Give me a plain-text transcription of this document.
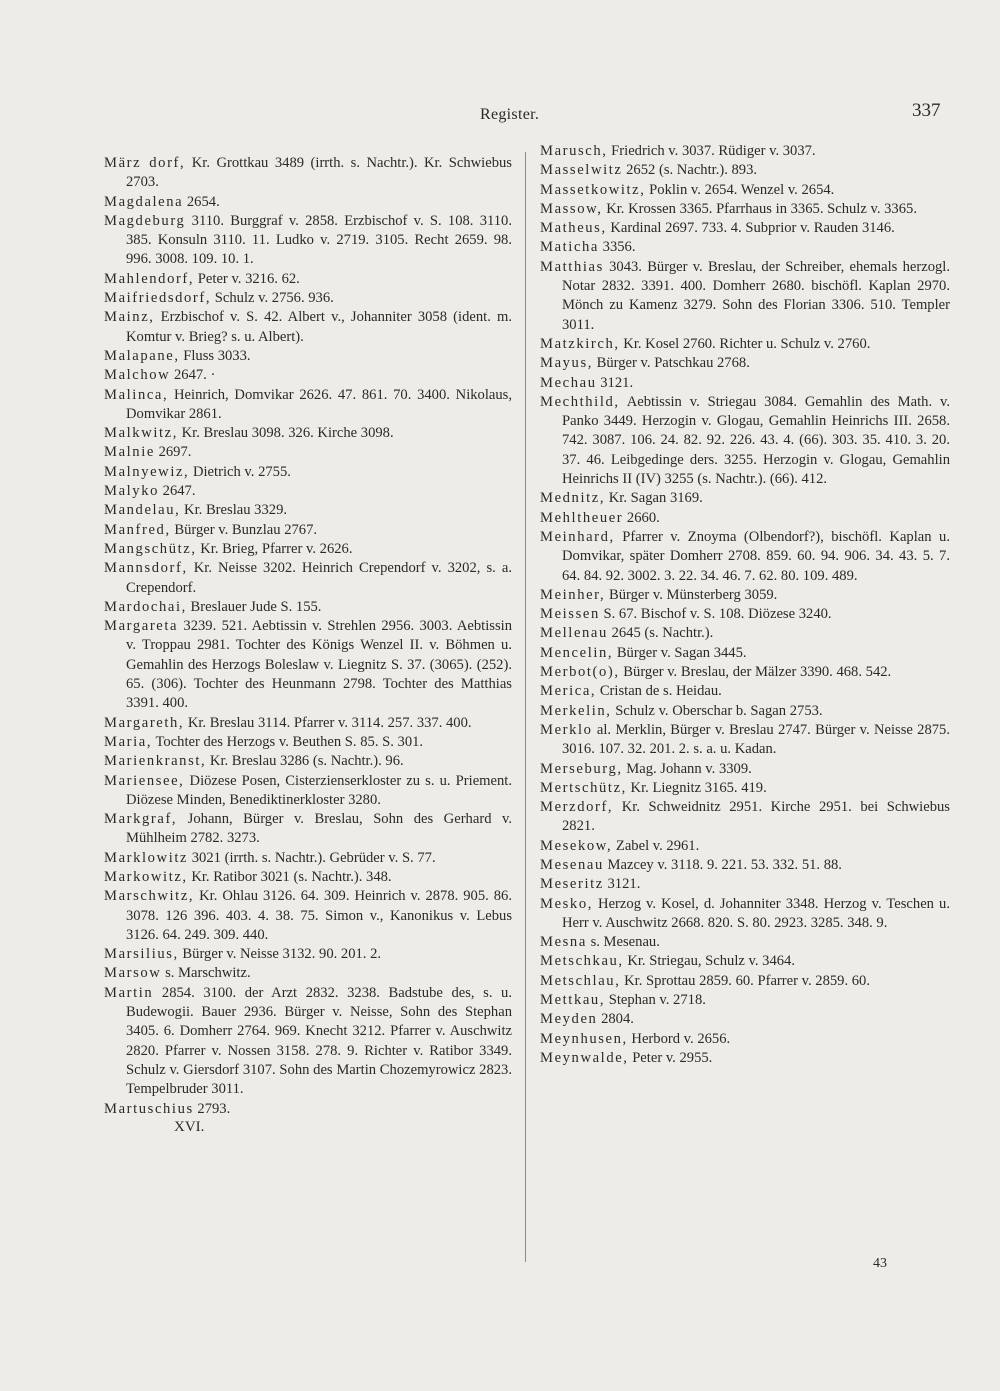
Register.	337

März dorf, Kr. Grottkau 3489 (irrth. s. Nachtr.). Kr. Schwiebus 2703.

Magdalena 2654.

Magdeburg 3110. Burggraf v. 2858. Erzbischof v. S. 108. 3110. 385. Konsuln 3110. 11. Ludko v. 2719. 3105. Recht 2659. 98. 996. 3008. 109. 10. 1.

Mahlendorf, Peter v. 3216. 62.

Maifriedsdorf, Schulz v. 2756. 936.

Mainz, Erzbischof v. S. 42. Albert v., Johanniter 3058 (ident. m. Komtur v. Brieg? s. u. Albert).

Malapane, Fluss 3033.

Malchow 2647. ·

Malinca, Heinrich, Domvikar 2626. 47. 861. 70. 3400. Nikolaus, Domvikar 2861.

Malkwitz, Kr. Breslau 3098. 326. Kirche 3098.

Malnie 2697.

Malnyewiz, Dietrich v. 2755.

Malyko 2647.

Mandelau, Kr. Breslau 3329.

Manfred, Bürger v. Bunzlau 2767.

Mangschütz, Kr. Brieg, Pfarrer v. 2626.

Mannsdorf, Kr. Neisse 3202. Heinrich Crependorf v. 3202, s. a. Crependorf.

Mardochai, Breslauer Jude S. 155.

Margareta 3239. 521. Aebtissin v. Strehlen 2956. 3003. Aebtissin v. Troppau 2981. Tochter des Königs Wenzel II. v. Böhmen u. Gemahlin des Herzogs Boleslaw v. Liegnitz S. 37. (3065). (252). 65. (306). Tochter des Heunmann 2798. Tochter des Matthias 3391. 400.

Margareth, Kr. Breslau 3114. Pfarrer v. 3114. 257. 337. 400.

Maria, Tochter des Herzogs v. Beuthen S. 85. S. 301.

Marienkranst, Kr. Breslau 3286 (s. Nachtr.). 96.

Mariensee, Diözese Posen, Cisterzienserkloster zu s. u. Priement. Diözese Minden, Benediktinerkloster 3280.

Markgraf, Johann, Bürger v. Breslau, Sohn des Gerhard v. Mühlheim 2782. 3273.

Marklowitz 3021 (irrth. s. Nachtr.). Gebrüder v. S. 77.

Markowitz, Kr. Ratibor 3021 (s. Nachtr.). 348.

Marschwitz, Kr. Ohlau 3126. 64. 309. Heinrich v. 2878. 905. 86. 3078. 126 396. 403. 4. 38. 75. Simon v., Kanonikus v. Lebus 3126. 64. 249. 309. 440.

Marsilius, Bürger v. Neisse 3132. 90. 201. 2.

Marsow s. Marschwitz.

Martin 2854. 3100. der Arzt 2832. 3238. Badstube des, s. u. Budewogii. Bauer 2936. Bürger v. Neisse, Sohn des Stephan 3405. 6. Domherr 2764. 969. Knecht 3212. Pfarrer v. Auschwitz 2820. Pfarrer v. Nossen 3158. 278. 9. Richter v. Ratibor 3349. Schulz v. Giersdorf 3107. Sohn des Martin Chozemyrowicz 2823. Tempelbruder 3011.

Martuschius 2793.

XVI.

Marusch, Friedrich v. 3037. Rüdiger v. 3037.

Masselwitz 2652 (s. Nachtr.). 893.

Massetkowitz, Poklin v. 2654. Wenzel v. 2654.

Massow, Kr. Krossen 3365. Pfarrhaus in 3365. Schulz v. 3365.

Matheus, Kardinal 2697. 733. 4. Subprior v. Rauden 3146.

Maticha 3356.

Matthias 3043. Bürger v. Breslau, der Schreiber, ehemals herzogl. Notar 2832. 3391. 400. Domherr 2680. bischöfl. Kaplan 2970. Mönch zu Kamenz 3279. Sohn des Florian 3306. 510. Templer 3011.

Matzkirch, Kr. Kosel 2760. Richter u. Schulz v. 2760.

Mayus, Bürger v. Patschkau 2768.

Mechau 3121.

Mechthild, Aebtissin v. Striegau 3084. Gemahlin des Math. v. Panko 3449. Herzogin v. Glogau, Gemahlin Heinrichs III. 2658. 742. 3087. 106. 24. 82. 92. 226. 43. 4. (66). 303. 35. 410. 3. 20. 37. 46. Leibgedinge ders. 3255. Herzogin v. Glogau, Gemahlin Heinrichs II (IV) 3255 (s. Nachtr.). (66). 412.

Mednitz, Kr. Sagan 3169.

Mehltheuer 2660.

Meinhard, Pfarrer v. Znoyma (Olbendorf?), bischöfl. Kaplan u. Domvikar, später Domherr 2708. 859. 60. 94. 906. 34. 43. 5. 7. 64. 84. 92. 3002. 3. 22. 34. 46. 7. 62. 80. 109. 489.

Meinher, Bürger v. Münsterberg 3059.

Meissen S. 67. Bischof v. S. 108. Diözese 3240.

Mellenau 2645 (s. Nachtr.).

Mencelin, Bürger v. Sagan 3445.

Merbot(o), Bürger v. Breslau, der Mälzer 3390. 468. 542.

Merica, Cristan de s. Heidau.

Merkelin, Schulz v. Oberschar b. Sagan 2753.

Merklo al. Merklin, Bürger v. Breslau 2747. Bürger v. Neisse 2875. 3016. 107. 32. 201. 2. s. a. u. Kadan.

Merseburg, Mag. Johann v. 3309.

Mertschütz, Kr. Liegnitz 3165. 419.

Merzdorf, Kr. Schweidnitz 2951. Kirche 2951. bei Schwiebus 2821.

Mesekow, Zabel v. 2961.

Mesenau Mazcey v. 3118. 9. 221. 53. 332. 51. 88.

Meseritz 3121.

Mesko, Herzog v. Kosel, d. Johanniter 3348. Herzog v. Teschen u. Herr v. Auschwitz 2668. 820. S. 80. 2923. 3285. 348. 9.

Mesna s. Mesenau.

Metschkau, Kr. Striegau, Schulz v. 3464.

Metschlau, Kr. Sprottau 2859. 60. Pfarrer v. 2859. 60.

Mettkau, Stephan v. 2718.

Meyden 2804.

Meynhusen, Herbord v. 2656.

Meynwalde, Peter v. 2955.

43
